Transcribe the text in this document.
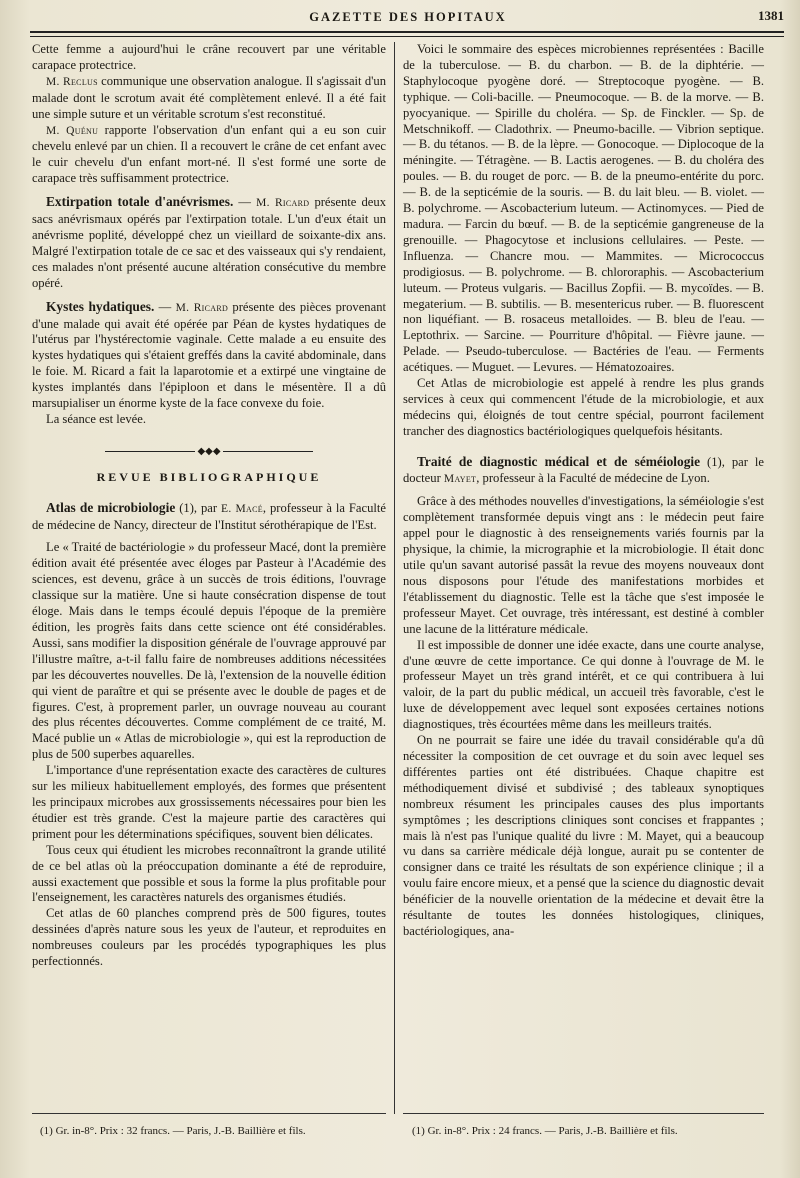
GAZETTE DES HOPITAUX	1381

Cette femme a aujourd'hui le crâne recouvert par une véritable carapace protectrice.

M. Reclus communique une observation analogue. Il s'agissait d'un malade dont le scrotum avait été complètement enlevé. Il a été fait une simple suture et un véritable scrotum s'est reconstitué.

M. Quénu rapporte l'observation d'un enfant qui a eu son cuir chevelu enlevé par un chien. Il a recouvert le crâne de cet enfant avec le cuir chevelu d'un enfant mort-né. Il s'est formé une sorte de carapace très suffisamment protectrice.

Extirpation totale d'anévrismes. — M. Ricard présente deux sacs anévrismaux opérés par l'extirpation totale. L'un d'eux était un anévrisme poplité, développé chez un vieillard de soixante-dix ans. Malgré l'extirpation totale de ce sac et des vaisseaux qui s'y rendaient, ces malades n'ont présenté aucune altération consécutive du membre opéré.

Kystes hydatiques. — M. Ricard présente des pièces provenant d'une malade qui avait été opérée par Péan de kystes hydatiques de l'utérus par l'hystérectomie vaginale. Cette malade a eu ensuite des kystes hydatiques qui s'étaient greffés dans la cavité abdominale, dans le foie. M. Ricard a fait la laparotomie et a extirpé une vingtaine de kystes implantés dans l'épiploon et dans le mésentère. Il a dû marsupialiser un énorme kyste de la face convexe du foie.

La séance est levée.

◆◆◆
REVUE BIBLIOGRAPHIQUE

Atlas de microbiologie (1), par E. Macé, professeur à la Faculté de médecine de Nancy, directeur de l'Institut sérothérapique de l'Est.

Le « Traité de bactériologie » du professeur Macé, dont la première édition avait été présentée avec éloges par Pasteur à l'Académie des sciences, est devenu, grâce à un succès de trois éditions, l'ouvrage classique sur la matière. Une si haute consécration dispense de tout éloge. Mais dans le temps écoulé depuis l'époque de la première édition, les progrès faits dans cette science ont été considérables. Aussi, sans modifier la disposition générale de l'ouvrage approuvé par l'illustre maître, a-t-il fallu faire de nombreuses additions nécessitées par les découvertes nouvelles. De là, l'extension de la nouvelle édition qui vient de paraître et qui se présente avec le double de pages et de figures. C'est, à proprement parler, un ouvrage nouveau au courant des plus récentes découvertes. Comme complément de ce traité, M. Macé publie un « Atlas de microbiologie », qui est la reproduction de plus de 500 superbes aquarelles.

L'importance d'une représentation exacte des caractères de cultures sur les milieux habituellement employés, des formes que présentent les principaux microbes aux grossissements nécessaires pour bien les étudier est très grande. C'est la majeure partie des caractères qui priment pour les déterminations spécifiques, souvent bien délicates.

Tous ceux qui étudient les microbes reconnaîtront la grande utilité de ce bel atlas où la préoccupation dominante a été de reproduire, aussi exactement que possible et sous la forme la plus profitable pour l'enseignement, les caractères naturels des organismes étudiés.

Cet atlas de 60 planches comprend près de 500 figures, toutes dessinées d'après nature sous les yeux de l'auteur, et reproduites en nombreuses couleurs par les procédés typographiques les plus perfectionnés.

Voici le sommaire des espèces microbiennes représentées : Bacille de la tuberculose. — B. du charbon. — B. de la diphtérie. — Staphylocoque pyogène doré. — Streptocoque pyogène. — B. typhique. — Coli-bacille. — Pneumocoque. — B. de la morve. — B. pyocyanique. — Spirille du choléra. — Sp. de Finckler. — Sp. de Metschnikoff. — Cladothrix. — Pneumo-bacille. — Vibrion septique. — B. du tétanos. — B. de la lèpre. — Gonocoque. — Diplocoque de la méningite. — Tétragène. — B. Lactis aerogenes. — B. du choléra des poules. — B. du rouget de porc. — B. de la pneumo-entérite du porc. — B. de la septicémie de la souris. — B. du lait bleu. — B. violet. — B. polychrome. — Ascobacterium luteum. — Actinomyces. — Pied de madura. — Farcin du bœuf. — B. de la septicémie gangreneuse de la grenouille. — Phagocytose et inclusions cellulaires. — Peste. — Influenza. — Chancre mou. — Mammites. — Micrococcus prodigiosus. — B. polychrome. — B. chlororaphis. — Ascobacterium luteum. — Proteus vulgaris. — Bacillus Zopfii. — B. mycoïdes. — B. megaterium. — B. subtilis. — B. mesentericus ruber. — B. fluorescent non liquéfiant. — B. rosaceus metalloides. — B. bleu de l'eau. — Leptothrix. — Sarcine. — Pourriture d'hôpital. — Fièvre jaune. — Pelade. — Pseudo-tuberculose. — Bactéries de l'eau. — Ferments acétiques. — Muguet. — Levures. — Hématozoaires.

Cet Atlas de microbiologie est appelé à rendre les plus grands services à ceux qui commencent l'étude de la microbiologie, et aux médecins qui, éloignés de tout centre spécial, pourront facilement trancher des diagnostics bactériologiques quelquefois hésitants.

Traité de diagnostic médical et de séméiologie (1), par le docteur Mayet, professeur à la Faculté de médecine de Lyon.

Grâce à des méthodes nouvelles d'investigations, la séméiologie s'est complètement transformée depuis vingt ans : le médecin peut faire appel pour le diagnostic à des renseignements variés fournis par la physique, la chimie, la micrographie et la microbiologie. Il était donc utile qu'un savant autorisé passât la revue des moyens nouveaux dont nous disposons pour l'étude des manifestations morbides et l'établissement du diagnostic. Telle est la tâche que s'est imposée le professeur Mayet. Cet ouvrage, très intéressant, est destiné à combler une lacune de la littérature médicale.

Il est impossible de donner une idée exacte, dans une courte analyse, d'une œuvre de cette importance. Ce qui donne à l'ouvrage de M. le professeur Mayet un très grand intérêt, et ce qui contribuera à lui valoir, de la part du public médical, un accueil très favorable, c'est le luxe de développement avec lequel sont exposées certaines notions diagnostiques, très écourtées même dans les meilleurs traités.

On ne pourrait se faire une idée du travail considérable qu'a dû nécessiter la composition de cet ouvrage et du soin avec lequel ses différentes parties ont été distribuées. Chaque chapitre est méthodiquement divisé et subdivisé ; des tableaux synoptiques nombreux résument les principales causes des plus importants symptômes ; les descriptions cliniques sont concises et frappantes ; mais là n'est pas l'unique qualité du livre : M. Mayet, qui a beaucoup vu dans sa carrière médicale déjà longue, aurait pu se contenter de consigner dans ce traité les résultats de son expérience clinique ; il a voulu faire encore mieux, et a pensé que la science du diagnostic devait bénéficier de la nouvelle orientation de la médecine et devait être la résultante de toutes les données histologiques, cliniques, bactériologiques, ana-

(1) Gr. in-8°. Prix : 32 francs. — Paris, J.-B. Baillière et fils.	(1) Gr. in-8°. Prix : 24 francs. — Paris, J.-B. Baillière et fils.
